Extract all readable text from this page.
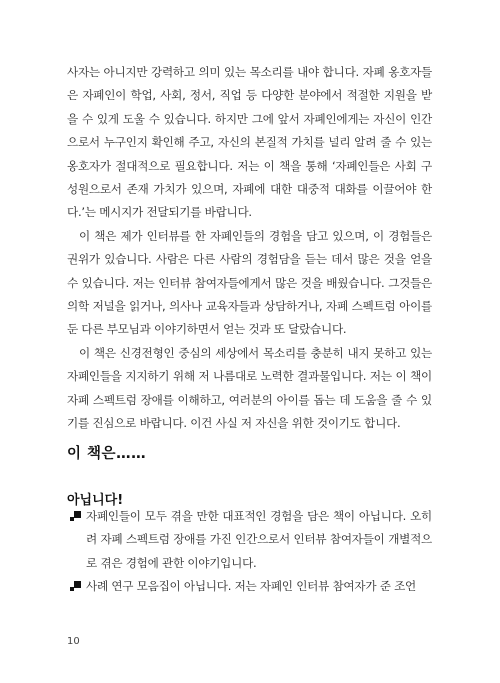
사자는 아니지만 강력하고 의미 있는 목소리를 내야 합니다. 자폐 옹호자들은 자폐인이 학업, 사회, 정서, 직업 등 다양한 분야에서 적절한 지원을 받을 수 있게 도울 수 있습니다. 하지만 그에 앞서 자폐인에게는 자신이 인간으로서 누구인지 확인해 주고, 자신의 본질적 가치를 널리 알려 줄 수 있는 옹호자가 절대적으로 필요합니다. 저는 이 책을 통해 ‘자폐인들은 사회 구성원으로서 존재 가치가 있으며, 자폐에 대한 대중적 대화를 이끌어야 한다.’는 메시지가 전달되기를 바랍니다.

이 책은 제가 인터뷰를 한 자폐인들의 경험을 담고 있으며, 이 경험들은 권위가 있습니다. 사람은 다른 사람의 경험담을 듣는 데서 많은 것을 얻을 수 있습니다. 저는 인터뷰 참여자들에게서 많은 것을 배웠습니다. 그것들은 의학 저널을 읽거나, 의사나 교육자들과 상담하거나, 자폐 스펙트럼 아이를 둔 다른 부모님과 이야기하면서 얻는 것과 또 달랐습니다.

이 책은 신경전형인 중심의 세상에서 목소리를 충분히 내지 못하고 있는 자폐인들을 지지하기 위해 저 나름대로 노력한 결과물입니다. 저는 이 책이 자폐 스펙트럼 장애를 이해하고, 여러분의 아이를 돕는 데 도움을 줄 수 있기를 진심으로 바랍니다. 이건 사실 저 자신을 위한 것이기도 합니다.

이 책은……
아닙니다!

자폐인들이 모두 겪을 만한 대표적인 경험을 담은 책이 아닙니다. 오히려 자폐 스펙트럼 장애를 가진 인간으로서 인터뷰 참여자들이 개별적으로 겪은 경험에 관한 이야기입니다.

사례 연구 모음집이 아닙니다. 저는 자폐인 인터뷰 참여자가 준 조언

10
